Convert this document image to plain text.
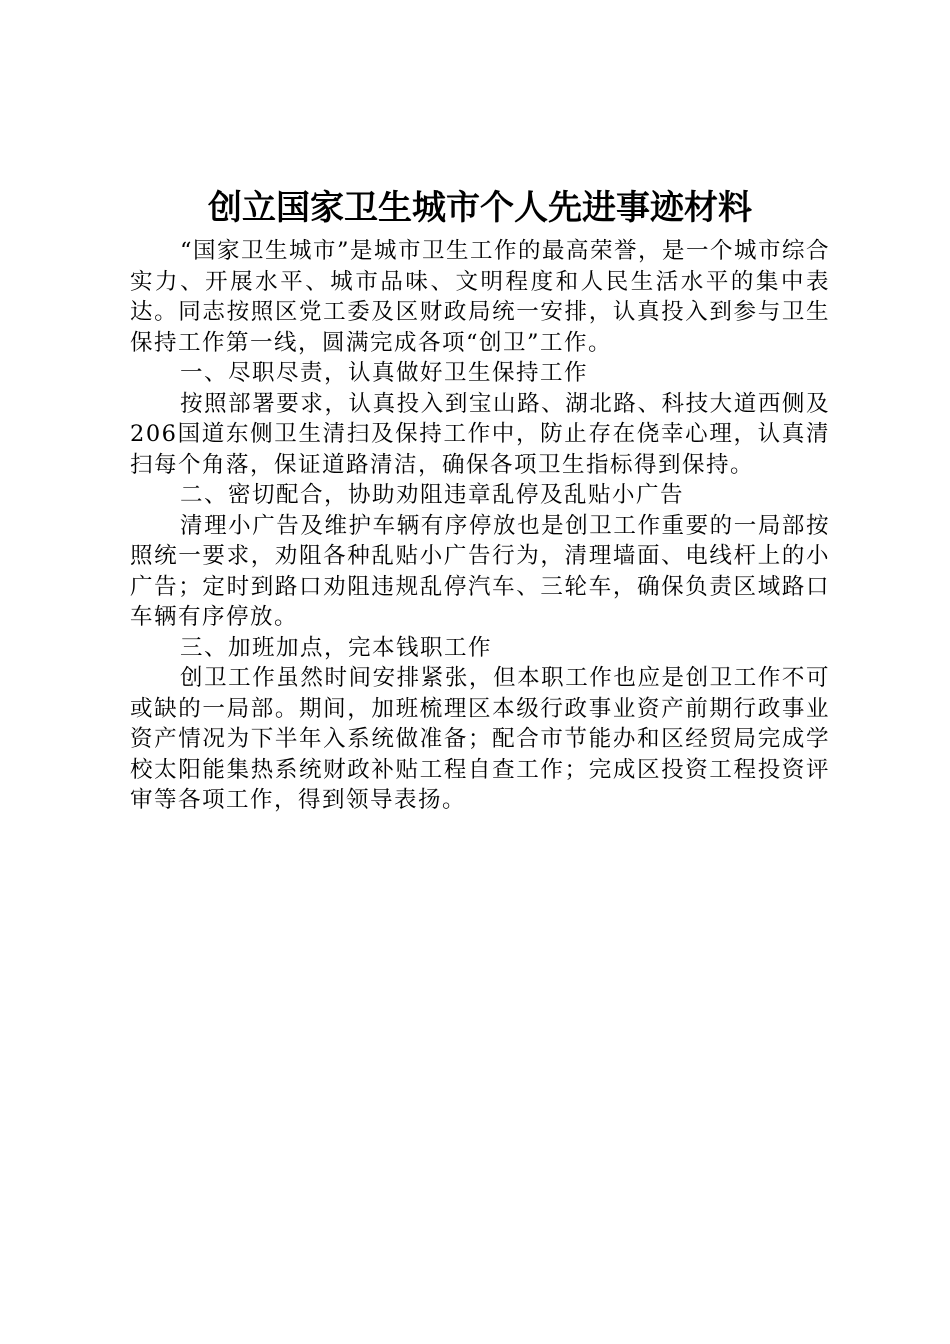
创立国家卫生城市个人先进事迹材料

“国家卫生城市”是城市卫生工作的最高荣誉，是一个城市综合实力、开展水平、城市品味、文明程度和人民生活水平的集中表达。同志按照区党工委及区财政局统一安排，认真投入到参与卫生保持工作第一线，圆满完成各项“创卫”工作。

一、尽职尽责，认真做好卫生保持工作

按照部署要求，认真投入到宝山路、湖北路、科技大道西侧及206国道东侧卫生清扫及保持工作中，防止存在侥幸心理，认真清扫每个角落，保证道路清洁，确保各项卫生指标得到保持。

二、密切配合，协助劝阻违章乱停及乱贴小广告

清理小广告及维护车辆有序停放也是创卫工作重要的一局部按照统一要求，劝阻各种乱贴小广告行为，清理墙面、电线杆上的小广告；定时到路口劝阻违规乱停汽车、三轮车，确保负责区域路口车辆有序停放。

三、加班加点，完本钱职工作

创卫工作虽然时间安排紧张，但本职工作也应是创卫工作不可或缺的一局部。期间，加班梳理区本级行政事业资产前期行政事业资产情况为下半年入系统做准备；配合市节能办和区经贸局完成学校太阳能集热系统财政补贴工程自查工作；完成区投资工程投资评审等各项工作，得到领导表扬。
